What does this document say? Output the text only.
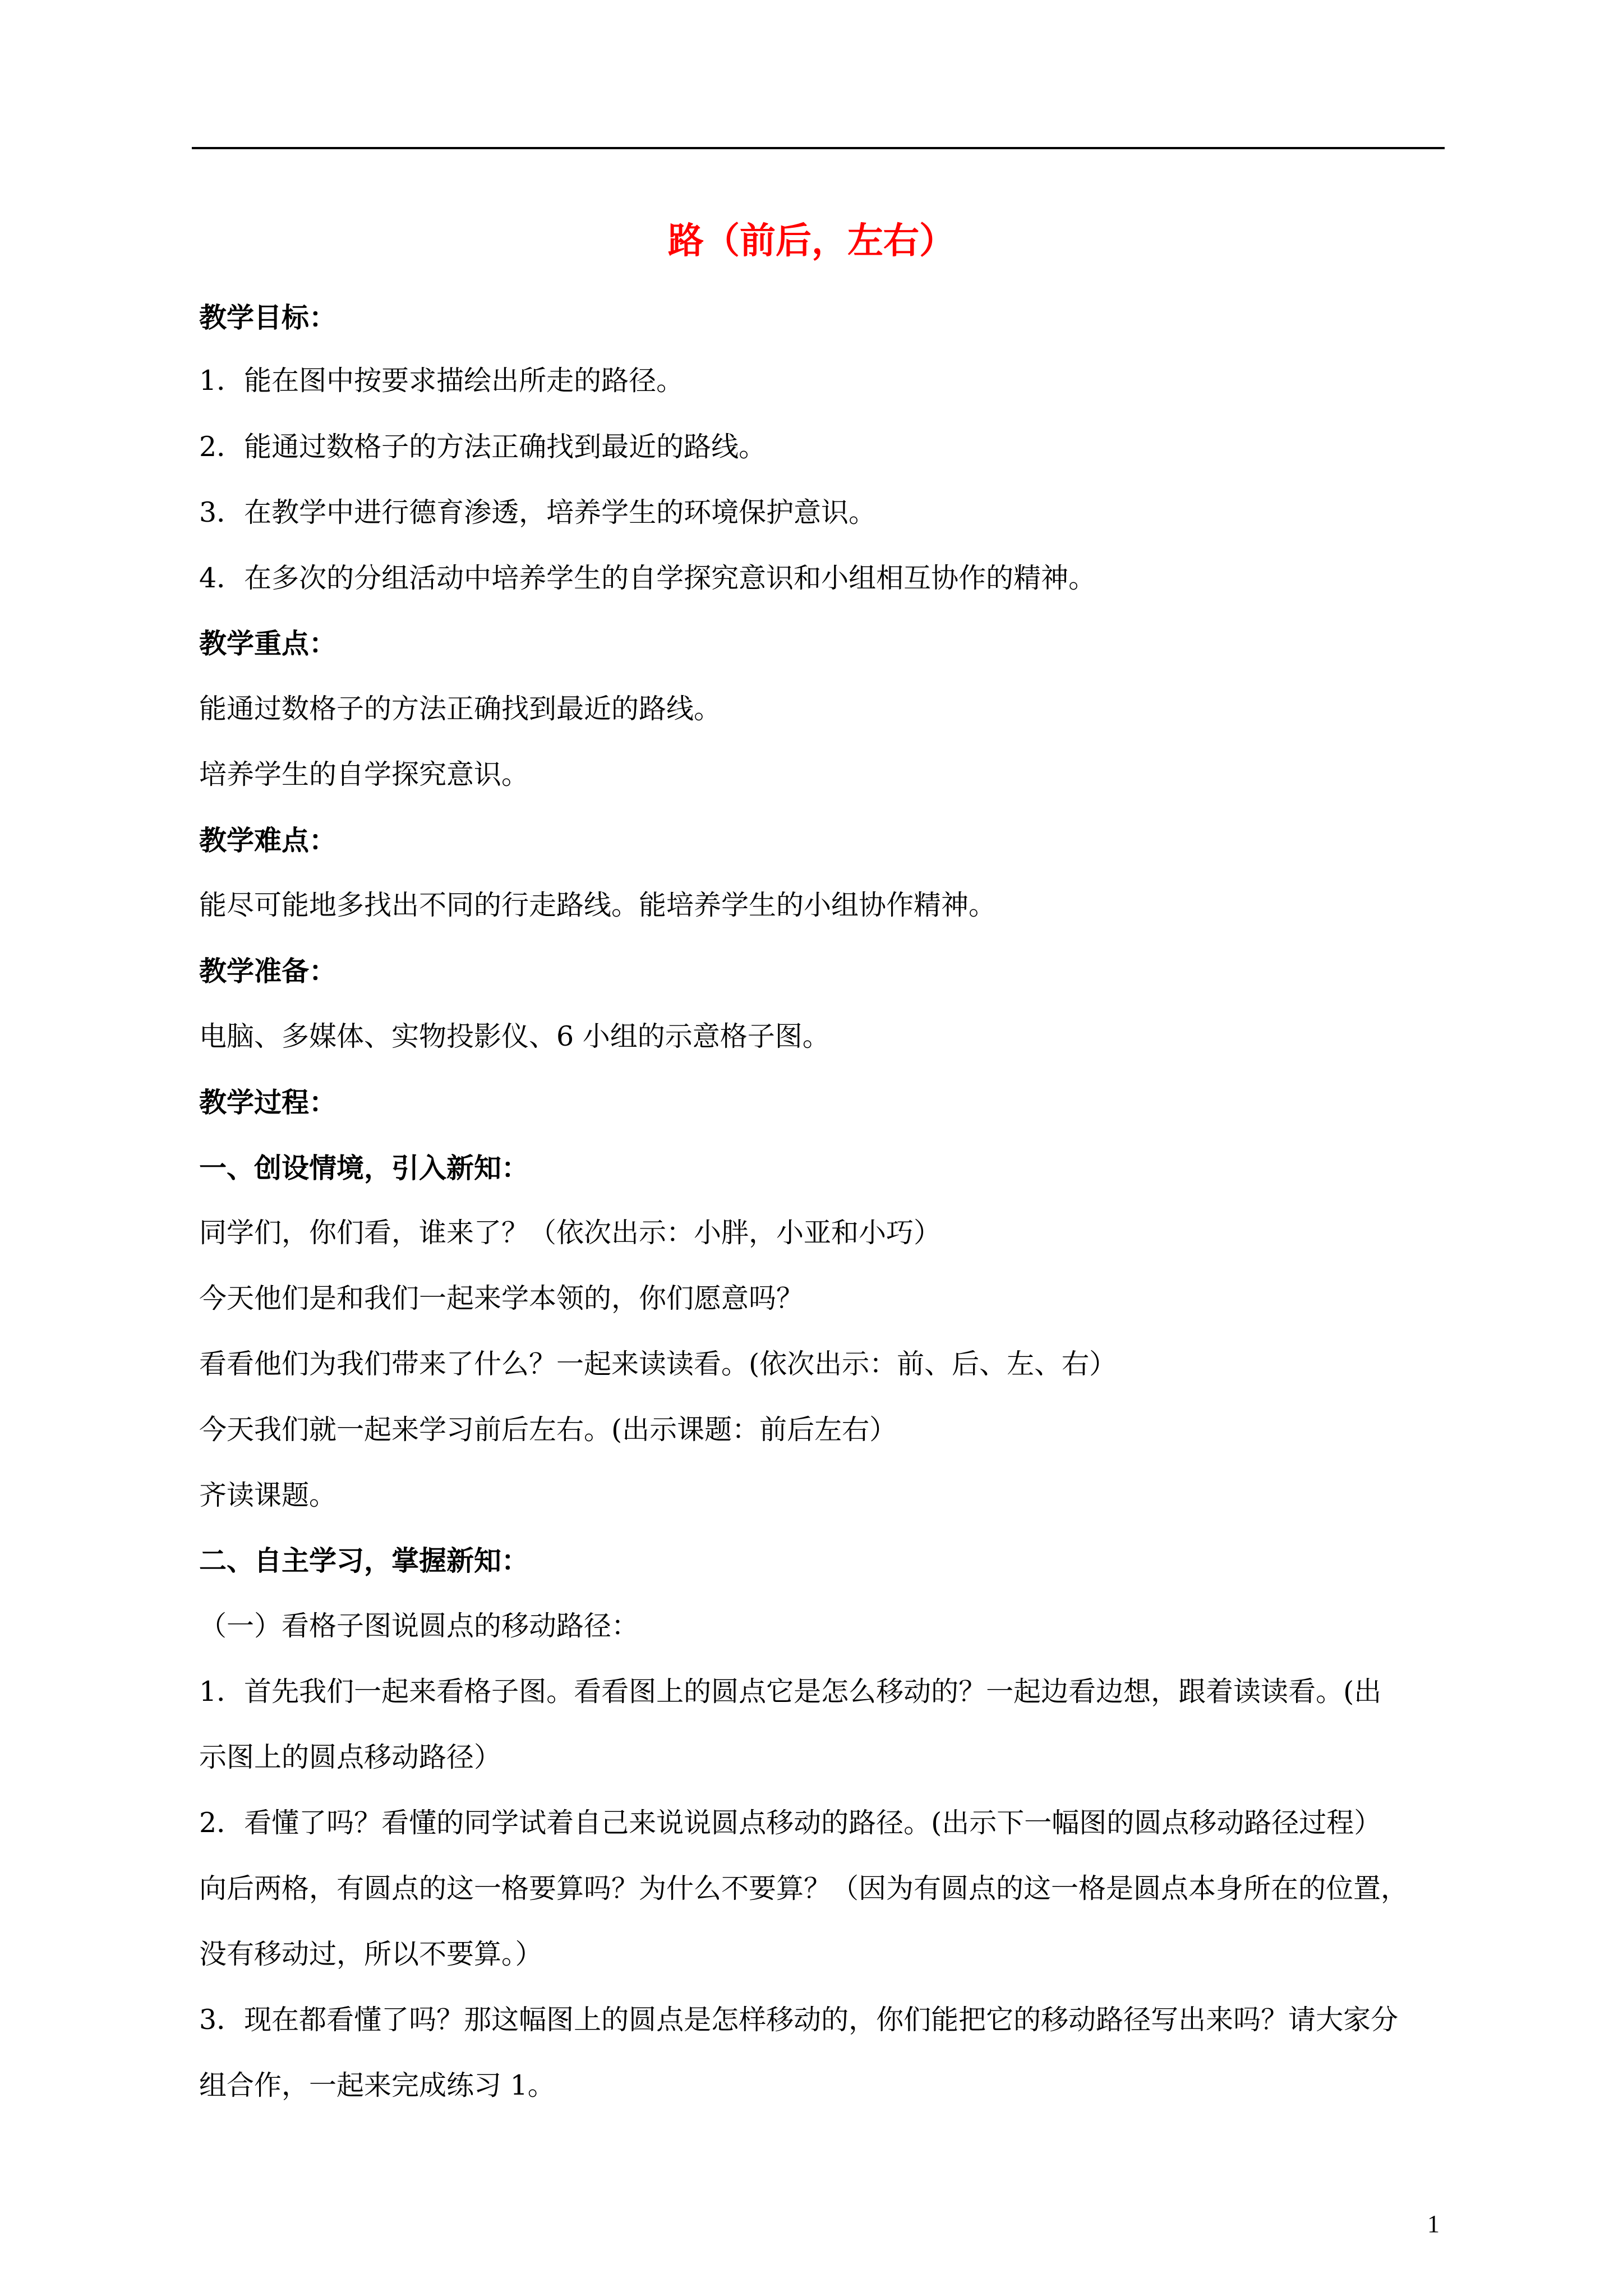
路（前后，左右）
教学目标：
1．能在图中按要求描绘出所走的路径。
2．能通过数格子的方法正确找到最近的路线。
3．在教学中进行德育渗透，培养学生的环境保护意识。
4．在多次的分组活动中培养学生的自学探究意识和小组相互协作的精神。
教学重点：
能通过数格子的方法正确找到最近的路线。
培养学生的自学探究意识。
教学难点：
能尽可能地多找出不同的行走路线。能培养学生的小组协作精神。
教学准备：
电脑、多媒体、实物投影仪、6 小组的示意格子图。
教学过程：
一、创设情境，引入新知：
同学们，你们看，谁来了？（依次出示：小胖，小亚和小巧）
今天他们是和我们一起来学本领的，你们愿意吗？
看看他们为我们带来了什么？一起来读读看。(依次出示：前、后、左、右）
今天我们就一起来学习前后左右。(出示课题：前后左右）
齐读课题。
二、自主学习，掌握新知：
（一）看格子图说圆点的移动路径：
1．首先我们一起来看格子图。看看图上的圆点它是怎么移动的？一起边看边想，跟着读读看。(出
示图上的圆点移动路径）
2．看懂了吗？看懂的同学试着自己来说说圆点移动的路径。(出示下一幅图的圆点移动路径过程）
向后两格，有圆点的这一格要算吗？为什么不要算？（因为有圆点的这一格是圆点本身所在的位置，
没有移动过，所以不要算。）
3．现在都看懂了吗？那这幅图上的圆点是怎样移动的，你们能把它的移动路径写出来吗？请大家分
组合作，一起来完成练习 1。
1
